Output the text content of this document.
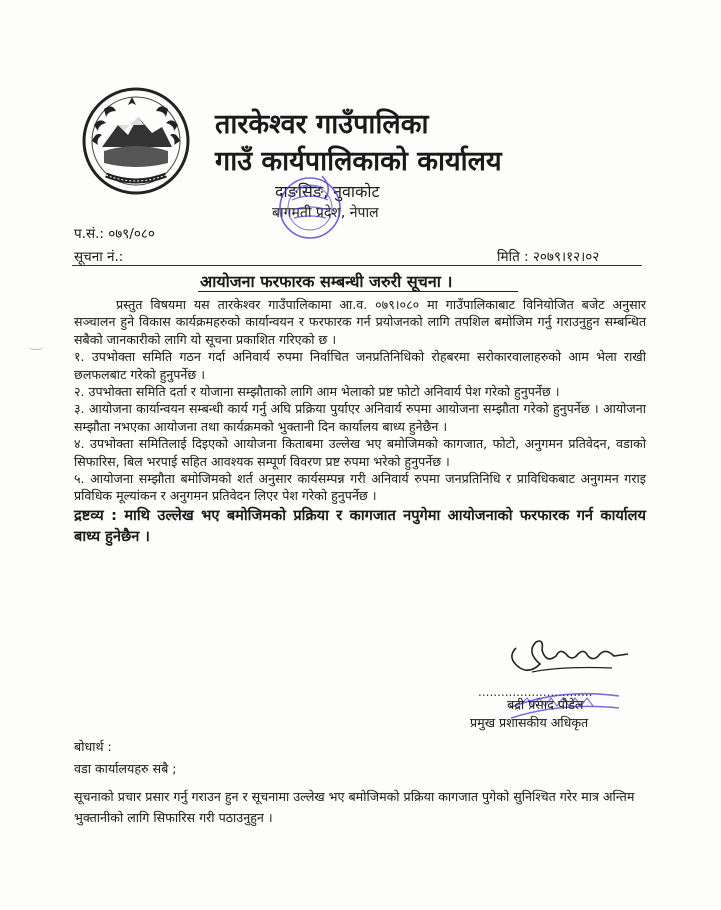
तारकेश्वर गाउँपालिका
गाउँ कार्यपालिकाको कार्यालय
दाङसिङ, नुवाकोट
बागमती प्रदेश, नेपाल
प.सं.: ०७९/०८०
सूचना नं.:	मिति : २०७९।१२।०२
आयोजना फरफारक सम्बन्धी जरुरी सूचना ।

प्रस्तुत विषयमा यस तारकेश्वर गाउँपालिकामा आ.व. ०७९।०८० मा गाउँपालिकाबाट विनियोजित बजेट अनुसार सञ्चालन हुने विकास कार्यक्रमहरुको कार्यान्वयन र फरफारक गर्न प्रयोजनको लागि तपशिल बमोजिम गर्नु गराउनुहुन सम्बन्धित सबैको जानकारीको लागि यो सूचना प्रकाशित गरिएको छ ।

१. उपभोक्ता समिति गठन गर्दा अनिवार्य रुपमा निर्वाचित जनप्रतिनिधिको रोहबरमा सरोकारवालाहरुको आम भेला राखी छलफलबाट गरेको हुनुपर्नेछ ।

२. उपभोक्ता समिति दर्ता र योजाना सम्झौताको लागि आम भेलाको प्रष्ट फोटो अनिवार्य पेश गरेको हुनुपर्नेछ ।

३. आयोजना कार्यान्वयन सम्बन्धी कार्य गर्नु अघि प्रक्रिया पुर्याएर अनिवार्य रुपमा आयोजना सम्झौता गरेको हुनुपर्नेछ । आयोजना सम्झौता नभएका आयोजना तथा कार्यक्रमको भुक्तानी दिन कार्यालय बाध्य हुनेछैन ।

४. उपभोक्ता समितिलाई दिइएको आयोजना किताबमा उल्लेख भए बमोजिमको कागजात, फोटो, अनुगमन प्रतिवेदन, वडाको सिफारिस, बिल भरपाई सहित आवश्यक सम्पूर्ण विवरण प्रष्ट रुपमा भरेको हुनुपर्नेछ ।

५. आयोजना सम्झौता बमोजिमको शर्त अनुसार कार्यसम्पन्न गरी अनिवार्य रुपमा जनप्रतिनिधि र प्राविधिकबाट अनुगमन गराइ प्रविधिक मूल्यांकन र अनुगमन प्रतिवेदन लिएर पेश गरेको हुनुपर्नेछ ।

द्रष्टव्य : माथि उल्लेख भए बमोजिमको प्रक्रिया र कागजात नपुगेमा आयोजनाको फरफारक गर्न कार्यालय बाध्य हुनेछैन ।

..............................
बद्री प्रसाद पौडेल
प्रमुख प्रशासकीय अधिकृत
बोधार्थ :
वडा कार्यालयहरु सबै ;
सूचनाको प्रचार प्रसार गर्नु गराउन हुन र सूचनामा उल्लेख भए बमोजिमको प्रक्रिया कागजात पुगेको सुनिश्चित गरेर मात्र अन्तिम भुक्तानीको लागि सिफारिस गरी पठाउनुहुन ।
